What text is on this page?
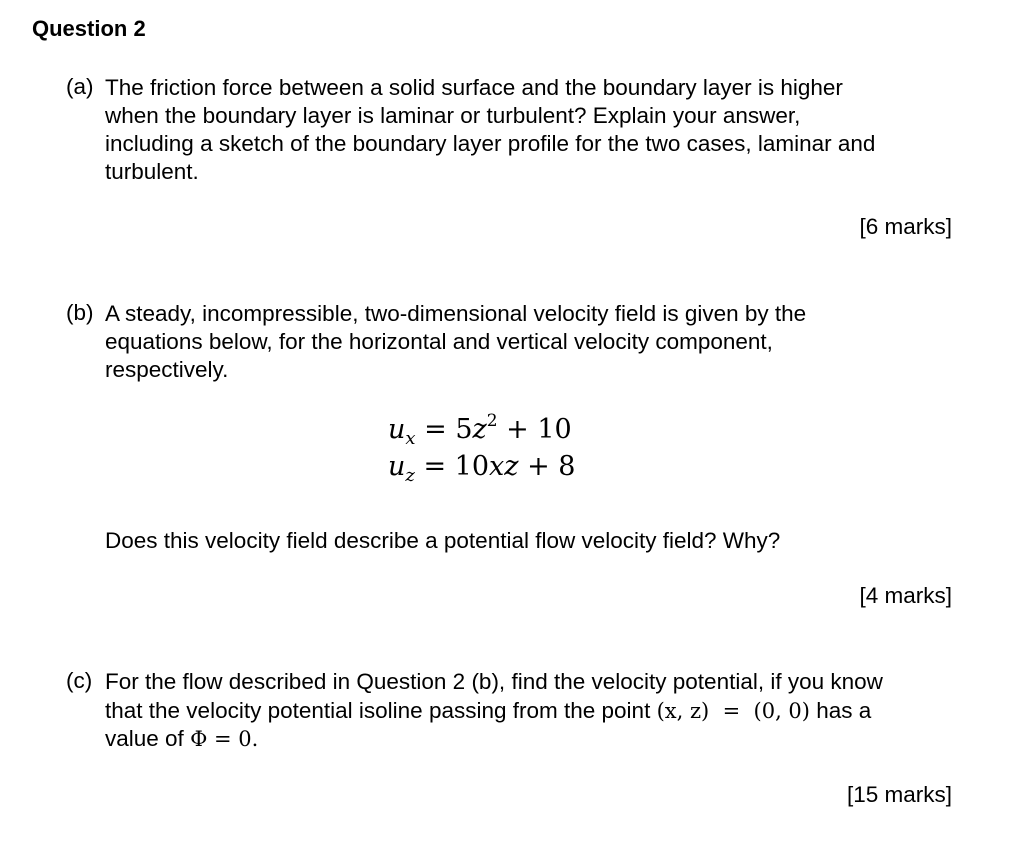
Question 2
(a) The friction force between a solid surface and the boundary layer is higher
when the boundary layer is laminar or turbulent? Explain your answer,
including a sketch of the boundary layer profile for the two cases, laminar and
turbulent.
[6 marks]
(b) A steady, incompressible, two-dimensional velocity field is given by the
equations below, for the horizontal and vertical velocity component,
respectively.
$u_x = 5z^2 + 10$
$u_z = 10xz + 8$
Does this velocity field describe a potential flow velocity field? Why?
[4 marks]
(c) For the flow described in Question 2 (b), find the velocity potential, if you know
that the velocity potential isoline passing from the point (x, z)  =  (0, 0) has a
value of Φ = 0.
[15 marks]
